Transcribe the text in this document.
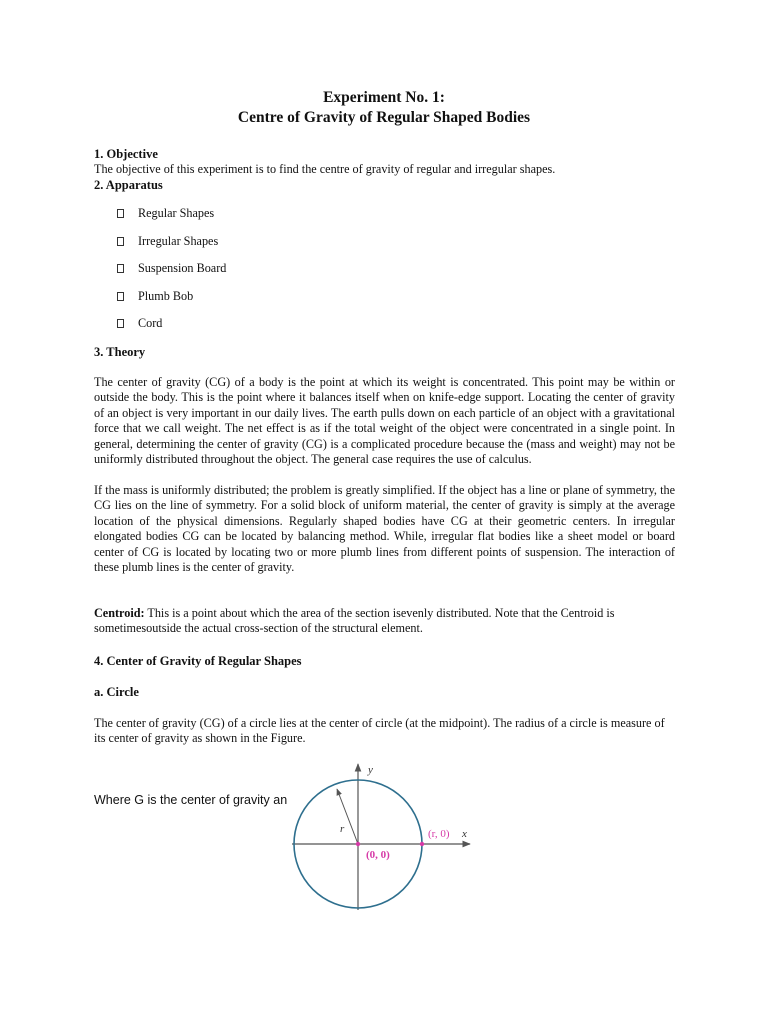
Experiment No. 1:
Centre of Gravity of Regular Shaped Bodies
1. Objective
The objective of this experiment is to find the centre of gravity of regular and irregular shapes.
2. Apparatus
Regular Shapes
Irregular Shapes
Suspension Board
Plumb Bob
Cord
3. Theory
The center of gravity (CG) of a body is the point at which its weight is concentrated. This point may be within or outside the body. This is the point where it balances itself when on knife-edge support. Locating the center of gravity of an object is very important in our daily lives. The earth pulls down on each particle of an object with a gravitational force that we call weight. The net effect is as if the total weight of the object were concentrated in a single point. In general, determining the center of gravity (CG) is a complicated procedure because the (mass and weight) may not be uniformly distributed throughout the object. The general case requires the use of calculus.
If the mass is uniformly distributed; the problem is greatly simplified. If the object has a line or plane of symmetry, the CG lies on the line of symmetry. For a solid block of uniform material, the center of gravity is simply at the average location of the physical dimensions. Regularly shaped bodies have CG at their geometric centers. In irregular elongated bodies CG can be located by balancing method. While, irregular flat bodies like a sheet model or board center of CG is located by locating two or more plumb lines from different points of suspension. The interaction of these plumb lines is the center of gravity.
Centroid: This is a point about which the area of the section isevenly distributed. Note that the Centroid is sometimesoutside the actual cross-section of the structural element.
4. Center of Gravity of Regular Shapes
a. Circle
The center of gravity (CG) of a circle lies at the center of circle (at the midpoint). The radius of a circle is measure of its center of gravity as shown in the Figure.
Where G is the center of gravity an
y
x
r	(r, 0)
(0, 0)
